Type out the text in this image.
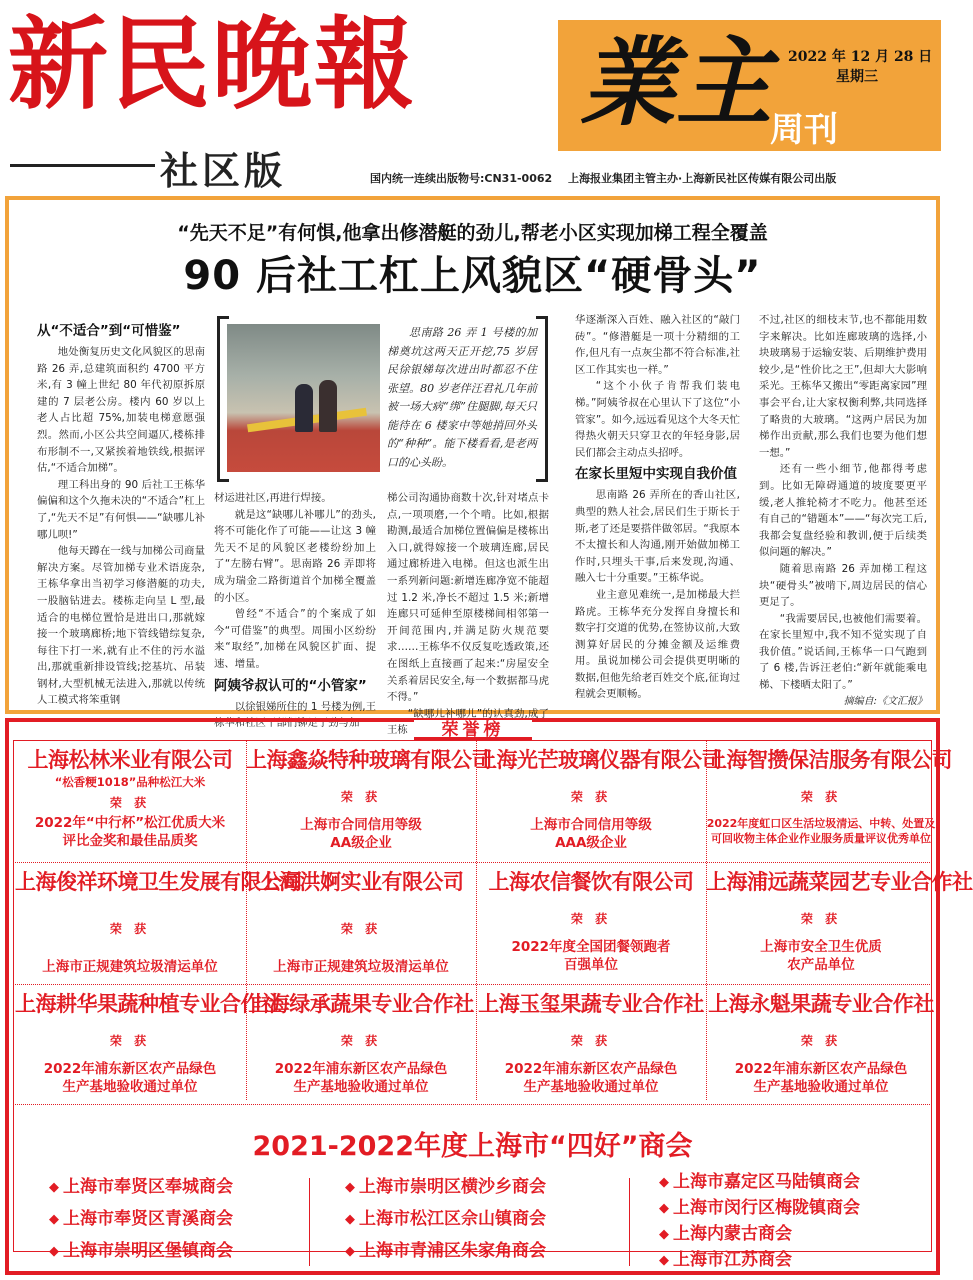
新民晚報
社区版	国内统一连续出版物号:CN31-0062 上海报业集团主管主办·上海新民社区传媒有限公司出版
業主
周刊
2022 年 12 月 28 日
星期三
“先天不足”有何惧,他拿出修潜艇的劲儿,帮老小区实现加梯工程全覆盖
90 后社工杠上风貌区“硬骨头”
从“不适合”到“可惜鉴”

地处衡复历史文化风貌区的思南路 26 弄,总建筑面积约 4700 平方米,有 3 幢上世纪 80 年代初原拆原建的 7 层老公房。楼内 60 岁以上老人占比超 75%,加装电梯意愿强烈。然而,小区公共空间逼仄,楼栋排布形制不一,又紧挨着地铁线,根据评估,“不适合加梯”。

理工科出身的 90 后社工王栋华偏偏和这个久拖未决的“不适合”杠上了,“先天不足”有何惧——“缺哪儿补哪儿呗!”

他每天蹲在一线与加梯公司商量解决方案。尽管加梯专业术语庞杂,王栋华拿出当初学习修潜艇的功夫,一股脑钻进去。楼栋走向呈 L 型,最适合的电梯位置恰是进出口,那就嫁接一个玻璃廊桥;地下管线错综复杂,每往下打一米,就有止不住的污水溢出,那就重新排设管线;挖基坑、吊装钢材,大型机械无法进入,那就以传统人工模式将笨重钢

思南路 26 弄 1 号楼的加梯奠坑这两天正开挖,75 岁居民徐银娣每次进出时都忍不住张望。80 岁老伴汪君礼几年前被一场大病“绑”住腿脚,每天只能待在 6 楼家中等她捎回外头的“种种”。能下楼看看,是老两口的心头盼。

材运进社区,再进行焊接。

就是这“缺哪儿补哪儿”的劲头,将不可能化作了可能——让这 3 幢先天不足的风貌区老楼纷纷加上了“左膀右臂”。思南路 26 弄即将成为瑞金二路街道首个加梯全覆盖的小区。

曾经“不适合”的个案成了如今“可借鉴”的典型。周围小区纷纷来“取经”,加梯在风貌区扩面、提速、增量。

阿姨爷叔认可的“小管家”

以徐银娣所住的 1 号楼为例,王栋华和社区干部们铆足了劲与加

梯公司沟通协商数十次,针对堵点卡点,一项项磨,一个个啃。比如,根据勘测,最适合加梯位置偏偏是楼栋出入口,就得嫁接一个玻璃连廊,居民通过廊桥进入电梯。但这也派生出一系列新问题:新增连廊净宽不能超过 1.2 米,净长不超过 1.5 米;新增连廊只可延伸至原楼梯间相邻第一开间范围内,并满足防火规范要求……王栋华不仅反复吃透政策,还在图纸上直接画了起来:“房屋安全关系着居民安全,每一个数据都马虎不得。”

“缺哪儿补哪儿”的认真劲,成了王栋

华逐渐深入百姓、融入社区的“敲门砖”。“修潜艇是一项十分精细的工作,但凡有一点灰尘都不符合标准,社区工作其实也一样。”

“这个小伙子肯帮我们装电梯。”阿姨爷叔在心里认下了这位“小管家”。如今,远远看见这个大冬天忙得热火朝天只穿卫衣的年轻身影,居民们都会主动点头招呼。

在家长里短中实现自我价值

思南路 26 弄所在的香山社区,典型的熟人社会,居民们生于斯长于斯,老了还是要搭伴做邻居。“我原本不太擅长和人沟通,刚开始做加梯工作时,只埋头干事,后来发现,沟通、融入七十分重要。”王栋华说。

业主意见难统一,是加梯最大拦路虎。王栋华充分发挥自身擅长和数字打交道的优势,在签协议前,大致测算好居民的分摊金额及运维费用。虽说加梯公司会提供更明晰的数据,但他先给老百姓交个底,征询过程就会更顺畅。

不过,社区的细枝末节,也不都能用数字来解决。比如连廊玻璃的选择,小块玻璃易于运输安装、后期维护费用较少,是“性价比之王”,但却大大影响采光。王栋华又搬出“零距离家园”理事会平台,让大家权衡利弊,共同选择了略贵的大玻璃。“这两户居民为加梯作出贡献,那么我们也要为他们想一想。”

还有一些小细节,他都得考虑到。比如无障碍通道的坡度要更平缓,老人推轮椅才不吃力。他甚至还有自己的“错题本”——“每次完工后,我都会复盘经验和教训,便于后续类似问题的解决。”

随着思南路 26 弄加梯工程这块“硬骨头”被啃下,周边居民的信心更足了。

“我需要居民,也被他们需要着。在家长里短中,我不知不觉实现了自我价值。”说话间,王栋华一口气跑到了 6 楼,告诉汪老伯:“新年就能乘电梯、下楼晒太阳了。”

摘编自:《文汇报》
荣誉榜
上海松林米业有限公司
“松香粳1018”品种松江大米
荣 获
2022年“中行杯”松江优质大米
评比金奖和最佳品质奖
上海鑫焱特种玻璃有限公司
荣 获
上海市合同信用等级
AA级企业
上海光芒玻璃仪器有限公司
荣 获
上海市合同信用等级
AAA级企业
上海智攒保洁服务有限公司
荣 获
2022年度虹口区生活垃圾清运、中转、处置及
可回收物主体企业作业服务质量评议优秀单位
上海俊祥环境卫生发展有限公司
荣 获
上海市正规建筑垃圾清运单位
上海洪婀实业有限公司
荣 获
上海市正规建筑垃圾清运单位
上海农信餐饮有限公司
荣 获
2022年度全国团餐领跑者
百强单位
上海浦远蔬菜园艺专业合作社
荣 获
上海市安全卫生优质
农产品单位
上海耕华果蔬种植专业合作社
荣 获
2022年浦东新区农产品绿色
生产基地验收通过单位
上海绿承蔬果专业合作社
荣 获
2022年浦东新区农产品绿色
生产基地验收通过单位
上海玉玺果蔬专业合作社
荣 获
2022年浦东新区农产品绿色
生产基地验收通过单位
上海永魁果蔬专业合作社
荣 获
2022年浦东新区农产品绿色
生产基地验收通过单位
2021-2022年度上海市“四好”商会
◆ 上海市奉贤区奉城商会
◆ 上海市奉贤区青溪商会
◆ 上海市崇明区堡镇商会
◆ 上海市崇明区横沙乡商会
◆ 上海市松江区佘山镇商会
◆ 上海市青浦区朱家角商会
◆ 上海市嘉定区马陆镇商会
◆ 上海市闵行区梅陇镇商会
◆ 上海内蒙古商会
◆ 上海市江苏商会
